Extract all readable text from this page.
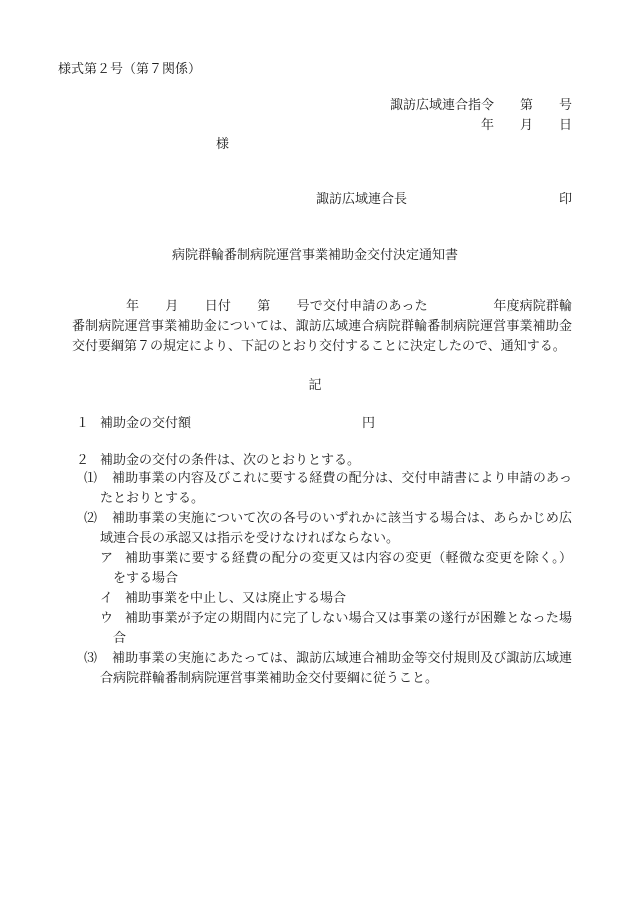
様式第２号（第７関係）
諏訪広域連合指令　　第　　号
年　　月　　日
様
諏訪広域連合長	印
病院群輪番制病院運営事業補助金交付決定通知書
年　　月　　日付　　第　　号で交付申請のあった　　　　　年度病院群輪番制病院運営事業補助金については、諏訪広域連合病院群輪番制病院運営事業補助金交付要綱第７の規定により、下記のとおり交付することに決定したので、通知する。
記
１ 補助金の交付額	円
２ 補助金の交付の条件は、次のとおりとする。
⑴	補助事業の内容及びこれに要する経費の配分は、交付申請書により申請のあったとおりとする。
⑵	補助事業の実施について次の各号のいずれかに該当する場合は、あらかじめ広域連合長の承認又は指示を受けなければならない。
ア 補助事業に要する経費の配分の変更又は内容の変更（軽微な変更を除く。）をする場合
イ 補助事業を中止し、又は廃止する場合
ウ 補助事業が予定の期間内に完了しない場合又は事業の遂行が困難となった場合
⑶	補助事業の実施にあたっては、諏訪広域連合補助金等交付規則及び諏訪広域連合病院群輪番制病院運営事業補助金交付要綱に従うこと。
